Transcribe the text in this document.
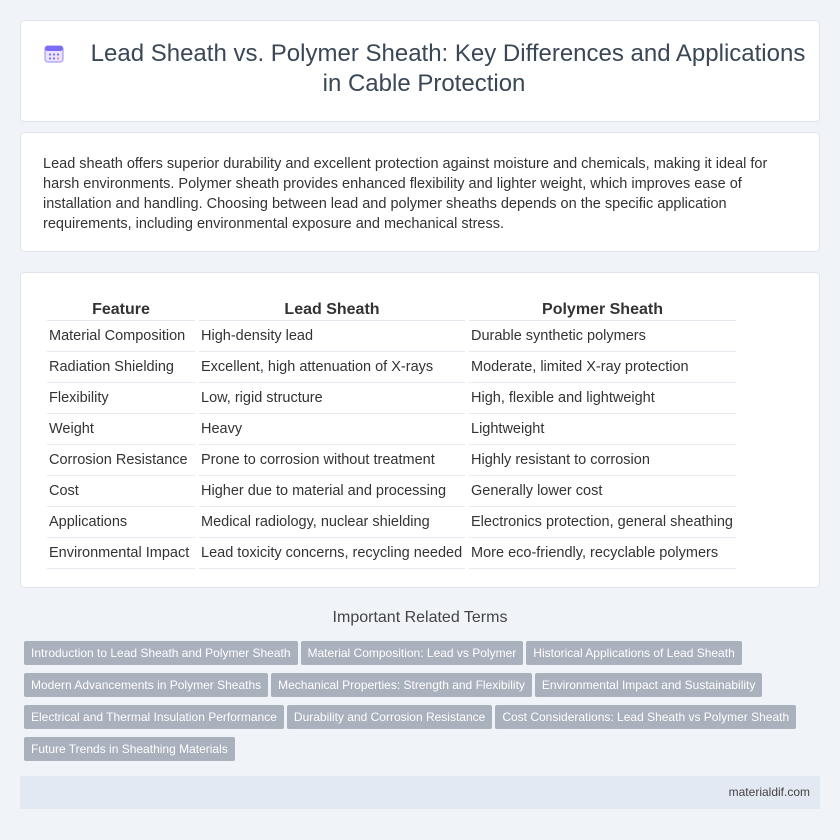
Lead Sheath vs. Polymer Sheath: Key Differences and Applications in Cable Protection

Lead sheath offers superior durability and excellent protection against moisture and chemicals, making it ideal for harsh environments. Polymer sheath provides enhanced flexibility and lighter weight, which improves ease of installation and handling. Choosing between lead and polymer sheaths depends on the specific application requirements, including environmental exposure and mechanical stress.

Feature	Lead Sheath	Polymer Sheath
Material Composition	High-density lead	Durable synthetic polymers
Radiation Shielding	Excellent, high attenuation of X-rays	Moderate, limited X-ray protection
Flexibility	Low, rigid structure	High, flexible and lightweight
Weight	Heavy	Lightweight
Corrosion Resistance	Prone to corrosion without treatment	Highly resistant to corrosion
Cost	Higher due to material and processing	Generally lower cost
Applications	Medical radiology, nuclear shielding	Electronics protection, general sheathing
Environmental Impact	Lead toxicity concerns, recycling needed	More eco-friendly, recyclable polymers
Important Related Terms
Introduction to Lead Sheath and Polymer Sheath Material Composition: Lead vs Polymer Historical Applications of Lead Sheath
Modern Advancements in Polymer Sheaths Mechanical Properties: Strength and Flexibility Environmental Impact and Sustainability
Electrical and Thermal Insulation Performance Durability and Corrosion Resistance Cost Considerations: Lead Sheath vs Polymer Sheath
Future Trends in Sheathing Materials
materialdif.com
